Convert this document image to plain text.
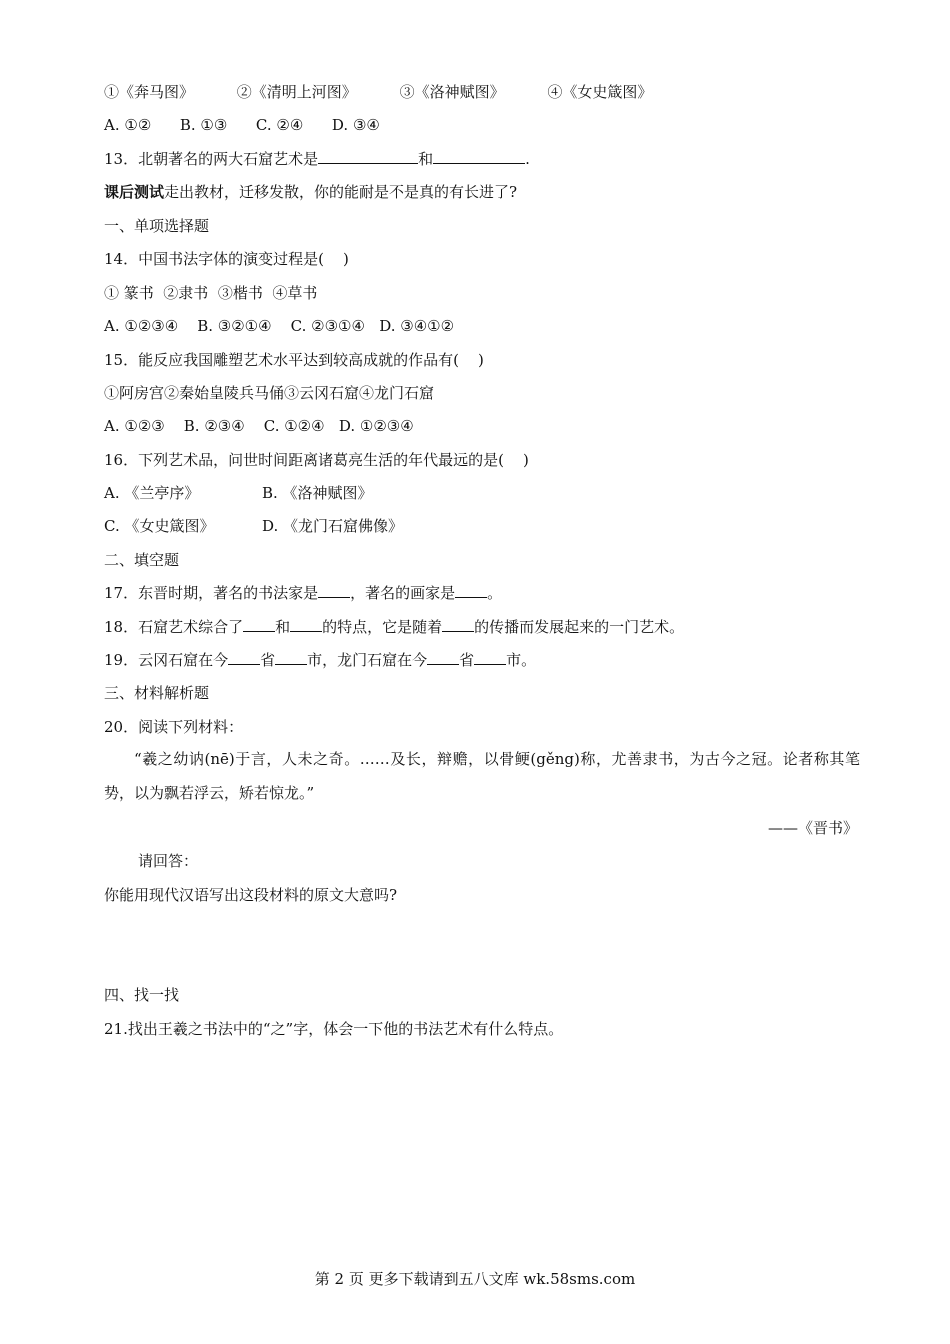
①《奔马图》	②《清明上河图》	③《洛神赋图》	④《女史箴图》
A. ①②      B. ①③      C. ②④      D. ③④
13．北朝著名的两大石窟艺术是	和	.
课后测试走出教材，迁移发散，你的能耐是不是真的有长进了?
一、单项选择题
14．中国书法字体的演变过程是(    )
① 篆书  ②隶书  ③楷书  ④草书
A. ①②③④    B. ③②①④    C. ②③①④   D. ③④①②
15．能反应我国雕塑艺术水平达到较高成就的作品有(    )
①阿房宫②秦始皇陵兵马俑③云冈石窟④龙门石窟
A. ①②③    B. ②③④    C. ①②④   D. ①②③④
16．下列艺术品，问世时间距离诸葛亮生活的年代最远的是(    )
A. 《兰亭序》	B. 《洛神赋图》
C. 《女史箴图》	D. 《龙门石窟佛像》
二、填空题
17．东晋时期，著名的书法家是 ，著名的画家是 。
18．石窟艺术综合了 和 的特点，它是随着 的传播而发展起来的一门艺术。
19．云冈石窟在今 省 市，龙门石窟在今 省 市。
三、材料解析题
20．阅读下列材料：
“羲之幼讷(nē)于言，人未之奇。……及长，辩赡，以骨鲠(gěng)称，尤善隶书，为古今之冠。论者称其笔势，以为飘若浮云，矫若惊龙。”
——《晋书》
请回答：
你能用现代汉语写出这段材料的原文大意吗?
四、找一找
21.找出王羲之书法中的“之”字，体会一下他的书法艺术有什么特点。
第 2 页 更多下载请到五八文库 wk.58sms.com
